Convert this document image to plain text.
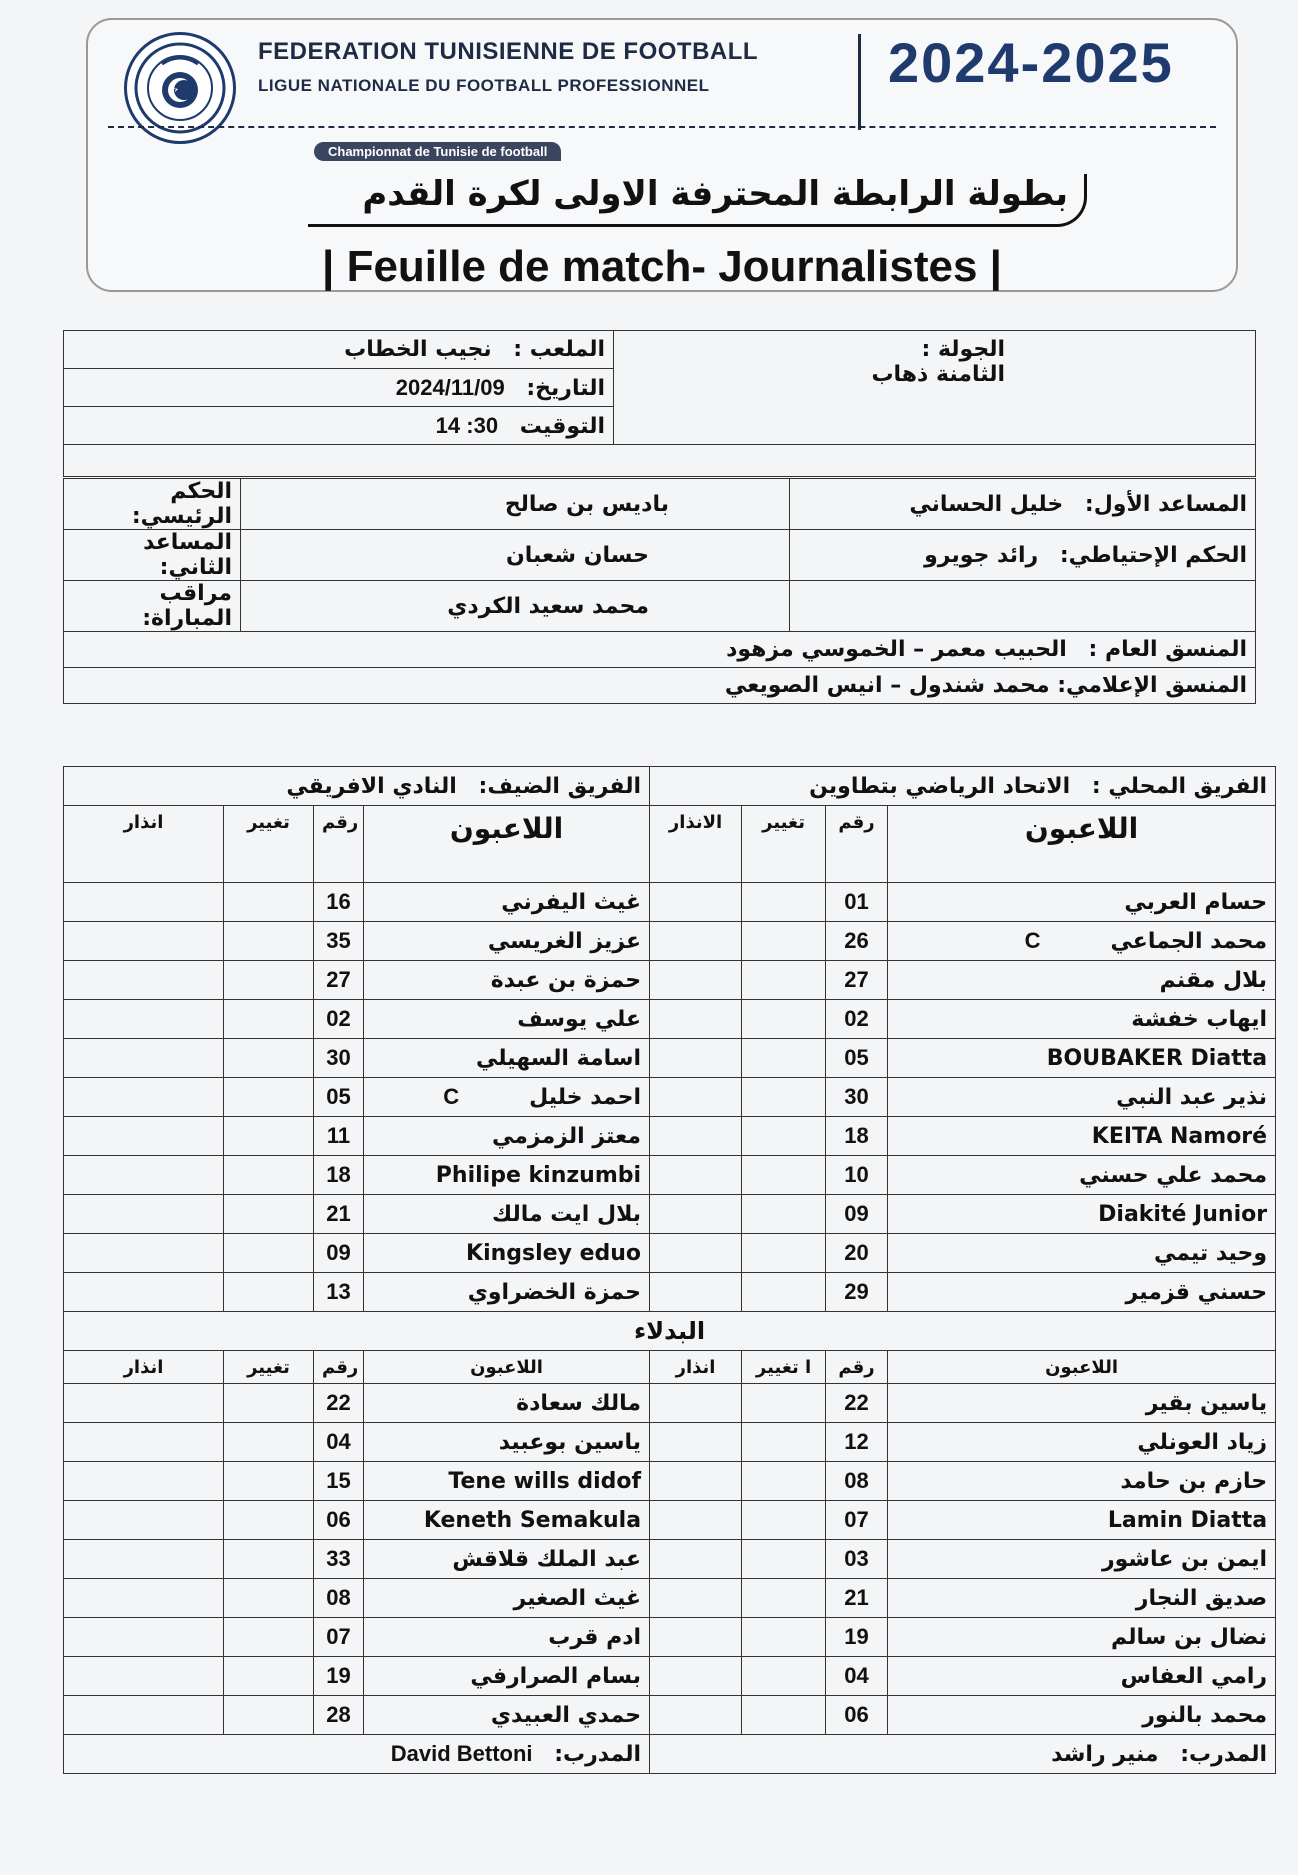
FEDERATION TUNISIENNE DE FOOTBALL
LIGUE NATIONALE DU FOOTBALL PROFESSIONNEL	2024-2025
Championnat de Tunisie de football
بطولة الرابطة المحترفة الاولى لكرة القدم
| Feuille de match- Journalistes |
الملعب : نجيب الخطاب	الجولة :
الثامنة ذهاب

التاريخ: 2024/11/09
التوقيت 30: 14

الحكم الرئيسي:	باديس بن صالح	المساعد الأول: خليل الحساني
المساعد الثاني:	حسان شعبان	الحكم الإحتياطي: رائد جويرو
مراقب المباراة:	محمد سعيد الكردي	
المنسق العام : الحبيب معمر – الخموسي مزهود		
المنسق الإعلامي: محمد شندول – انيس الصويعي		
الفريق الضيف: النادي الافريقي				الفريق المحلي : الاتحاد الرياضي بتطاوين			
انذار	تغيير	رقم	اللاعبون	الانذار	تغيير	رقم	اللاعبون
		16	غيث اليفرني			01	حسام العربي
		35	عزيز الغريسي			26	محمد الجماعيC
		27	حمزة بن عبدة			27	بلال مقنم
		02	علي يوسف			02	ايهاب خفشة
		30	اسامة السهيلي			05	BOUBAKER Diatta
		05	احمد خليلC			30	نذير عبد النبي
		11	معتز الزمزمي			18	KEITA Namoré
		18	Philipe kinzumbi			10	محمد علي حسني
		21	بلال ايت مالك			09	Diakité Junior
		09	Kingsley eduo			20	وحيد تيمي
		13	حمزة الخضراوي			29	حسني قزمير
البدلاء							
انذار	تغيير	رقم	اللاعبون	انذار	ا تغيير	رقم	اللاعبون
		22	مالك سعادة			22	ياسين بقير
		04	ياسين بوعبيد			12	زياد العونلي
		15	Tene wills didof			08	حازم بن حامد
		06	Keneth Semakula			07	Lamin Diatta
		33	عبد الملك قلاقش			03	ايمن بن عاشور
		08	غيث الصغير			21	صديق النجار
		07	ادم قرب			19	نضال بن سالم
		19	بسام الصرارفي			04	رامي العفاس
		28	حمدي العبيدي			06	محمد بالنور
المدرب: David Bettoni				المدرب: منير راشد			
